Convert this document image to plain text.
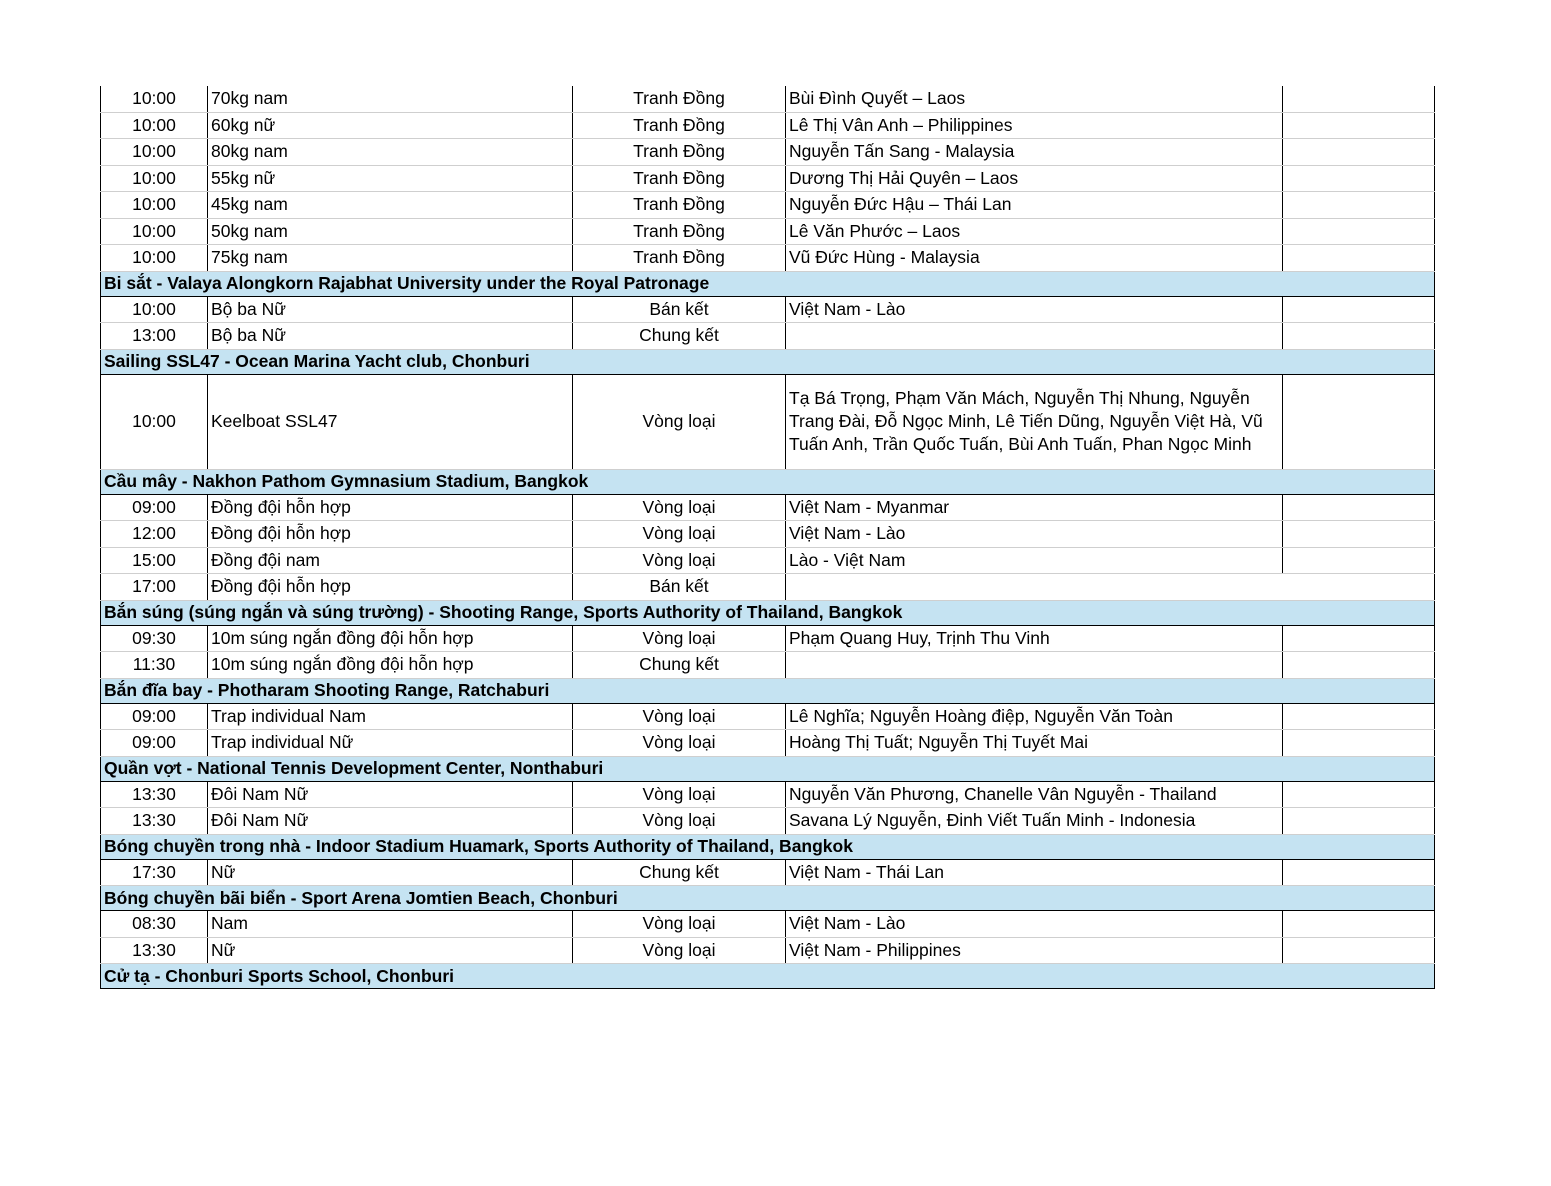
10:00	70kg nam	Tranh Đồng	Bùi Đình Quyết – Laos	
10:00	60kg nữ	Tranh Đồng	Lê Thị Vân Anh – Philippines	
10:00	80kg nam	Tranh Đồng	Nguyễn Tấn Sang - Malaysia	
10:00	55kg nữ	Tranh Đồng	Dương Thị Hải Quyên – Laos	
10:00	45kg nam	Tranh Đồng	Nguyễn Đức Hậu – Thái Lan	
10:00	50kg nam	Tranh Đồng	Lê Văn Phước – Laos	
10:00	75kg nam	Tranh Đồng	Vũ Đức Hùng - Malaysia	
Bi sắt - Valaya Alongkorn Rajabhat University under the Royal Patronage				
10:00	Bộ ba Nữ	Bán kết	Việt Nam - Lào	
13:00	Bộ ba Nữ	Chung kết		
Sailing SSL47 - Ocean Marina Yacht club, Chonburi				
10:00	Keelboat SSL47	Vòng loại	Tạ Bá Trọng, Phạm Văn Mách, Nguyễn Thị Nhung, Nguyễn Trang Đài, Đỗ Ngọc Minh, Lê Tiến Dũng, Nguyễn Việt Hà, Vũ Tuấn Anh, Trần Quốc Tuấn, Bùi Anh Tuấn, Phan Ngọc Minh	
Cầu mây - Nakhon Pathom Gymnasium Stadium, Bangkok				
09:00	Đồng đội hỗn hợp	Vòng loại	Việt Nam - Myanmar	
12:00	Đồng đội hỗn hợp	Vòng loại	Việt Nam - Lào	
15:00	Đồng đội nam	Vòng loại	Lào - Việt Nam	
17:00	Đồng đội hỗn hợp	Bán kết		
Bắn súng (súng ngắn và súng trường) - Shooting Range, Sports Authority of Thailand, Bangkok				
09:30	10m súng ngắn đồng đội hỗn hợp	Vòng loại	Phạm Quang Huy, Trịnh Thu Vinh	
11:30	10m súng ngắn đồng đội hỗn hợp	Chung kết		
Bắn đĩa bay - Photharam Shooting Range, Ratchaburi				
09:00	Trap individual Nam	Vòng loại	Lê Nghĩa; Nguyễn Hoàng điệp, Nguyễn Văn Toàn	
09:00	Trap individual Nữ	Vòng loại	Hoàng Thị Tuất; Nguyễn Thị Tuyết Mai	
Quần vợt - National Tennis Development Center, Nonthaburi				
13:30	Đôi Nam Nữ	Vòng loại	Nguyễn Văn Phương, Chanelle Vân Nguyễn - Thailand	
13:30	Đôi Nam Nữ	Vòng loại	Savana Lý Nguyễn, Đinh Viết Tuấn Minh - Indonesia	
Bóng chuyền trong nhà - Indoor Stadium Huamark, Sports Authority of Thailand, Bangkok				
17:30	Nữ	Chung kết	Việt Nam - Thái Lan	
Bóng chuyền bãi biển - Sport Arena Jomtien Beach, Chonburi				
08:30	Nam	Vòng loại	Việt Nam - Lào	
13:30	Nữ	Vòng loại	Việt Nam - Philippines	
Cử tạ - Chonburi Sports School, Chonburi				
